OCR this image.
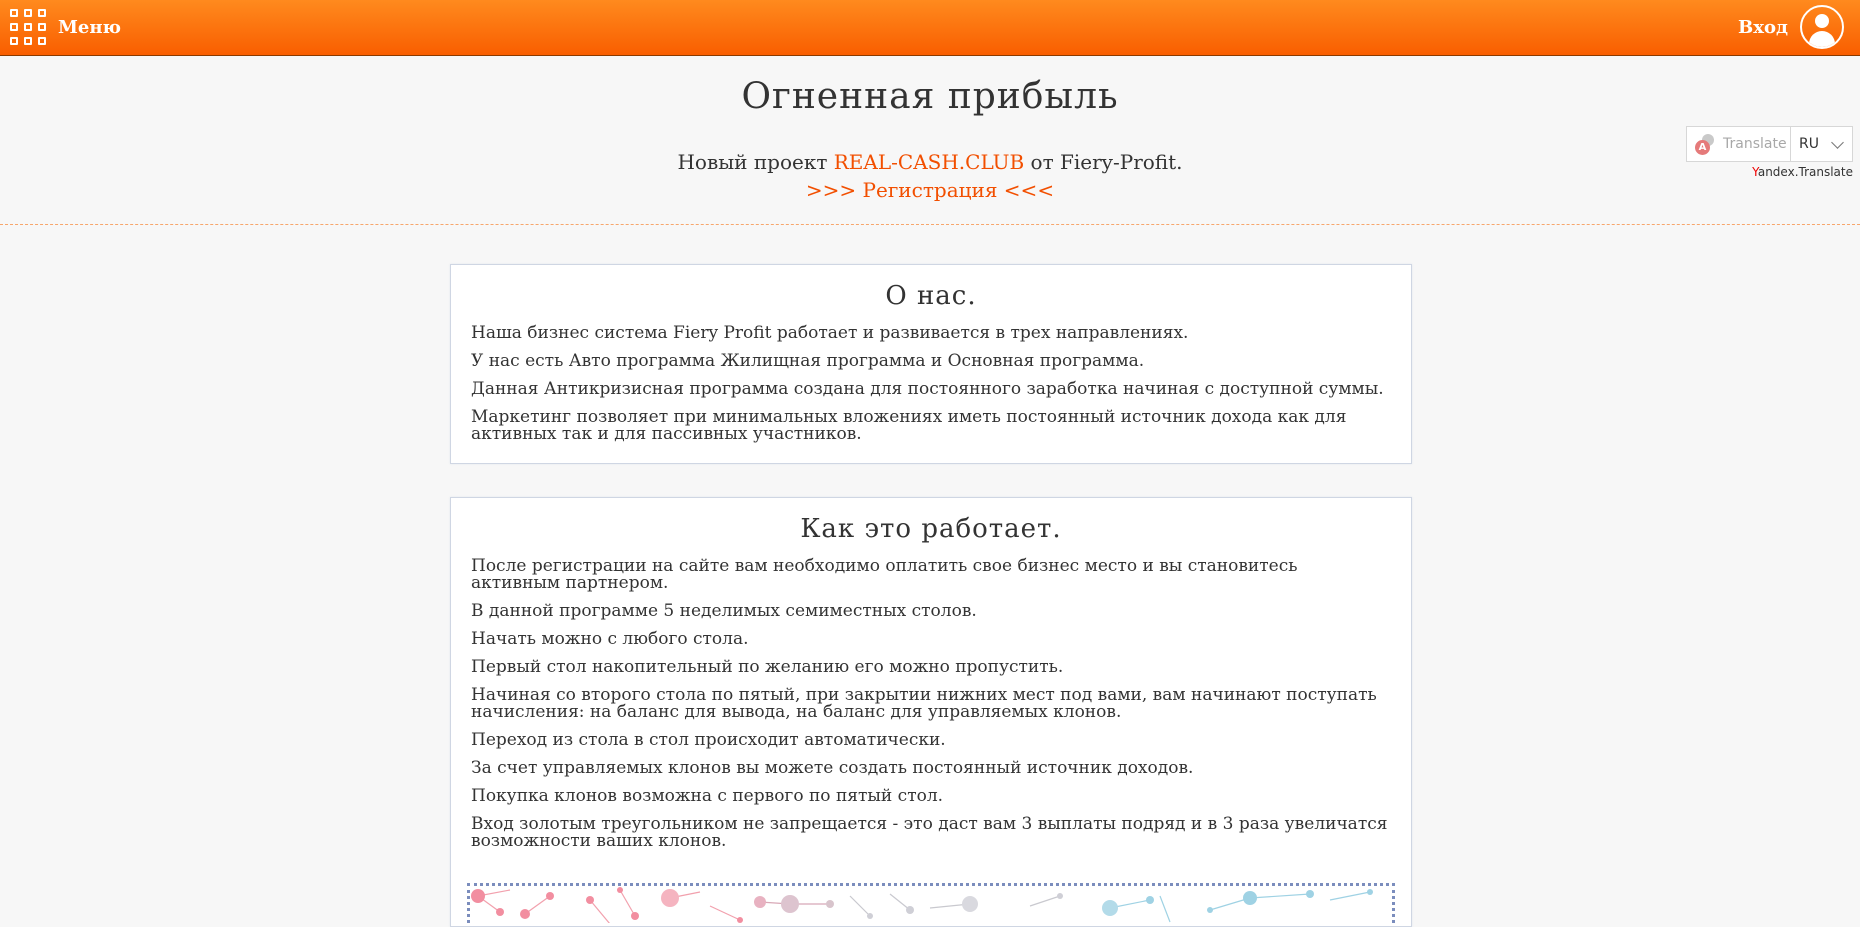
Меню	Вход
Огненная прибыль
Новый проект REAL-CASH.CLUB от Fiery-Profit.
>>> Регистрация <<<
A Translate RU
Yandex.Translate
О нас.

Наша бизнес система Fiery Profit работает и развивается в трех направлениях.

У нас есть Авто программа Жилищная программа и Основная программа.

Данная Антикризисная программа создана для постоянного заработка начиная с доступной суммы.

Маркетинг позволяет при минимальных вложениях иметь постоянный источник дохода как для активных так и для пассивных участников.

Как это работает.

После регистрации на сайте вам необходимо оплатить свое бизнес место и вы становитесь активным партнером.

В данной программе 5 неделимых семиместных столов.

Начать можно с любого стола.

Первый стол накопительный по желанию его можно пропустить.

Начиная со второго стола по пятый, при закрытии нижних мест под вами, вам начинают поступать начисления: на баланс для вывода, на баланс для управляемых клонов.

Переход из стола в стол происходит автоматически.

За счет управляемых клонов вы можете создать постоянный источник доходов.

Покупка клонов возможна с первого по пятый стол.

Вход золотым треугольником не запрещается - это даст вам 3 выплаты подряд и в 3 раза увеличатся возможности ваших клонов.
